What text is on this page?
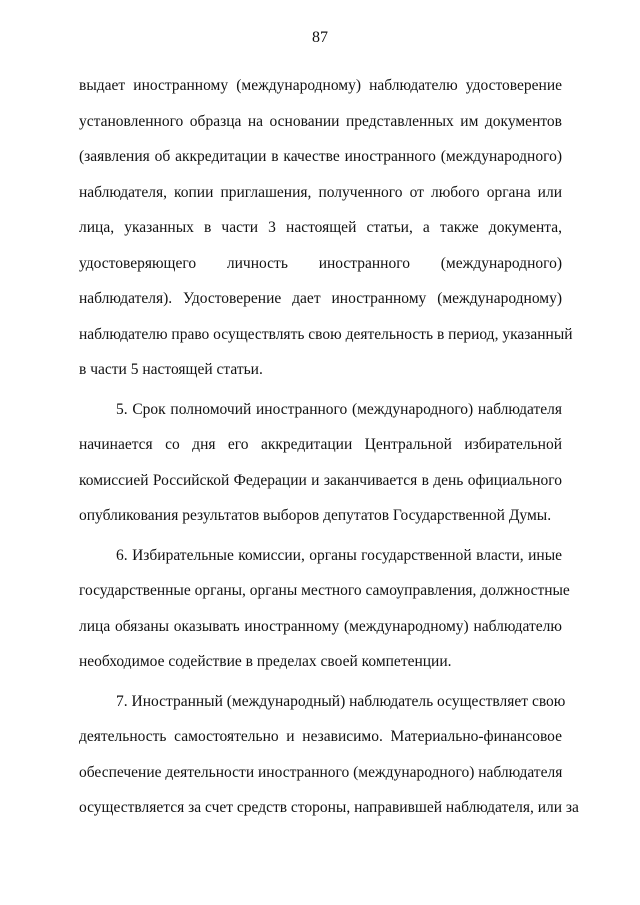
87
выдает иностранному (международному) наблюдателю удостоверение
установленного образца на основании представленных им документов
(заявления об аккредитации в качестве иностранного (международного)
наблюдателя, копии приглашения, полученного от любого органа или
лица, указанных в части 3 настоящей статьи, а также документа,
удостоверяющего личность иностранного (международного)
наблюдателя). Удостоверение дает иностранному (международному)
наблюдателю право осуществлять свою деятельность в период, указанный
в части 5 настоящей статьи.
5. Срок полномочий иностранного (международного) наблюдателя
начинается со дня его аккредитации Центральной избирательной
комиссией Российской Федерации и заканчивается в день официального
опубликования результатов выборов депутатов Государственной Думы.
6. Избирательные комиссии, органы государственной власти, иные
государственные органы, органы местного самоуправления, должностные
лица обязаны оказывать иностранному (международному) наблюдателю
необходимое содействие в пределах своей компетенции.
7. Иностранный (международный) наблюдатель осуществляет свою
деятельность самостоятельно и независимо. Материально-финансовое
обеспечение деятельности иностранного (международного) наблюдателя
осуществляется за счет средств стороны, направившей наблюдателя, или за
